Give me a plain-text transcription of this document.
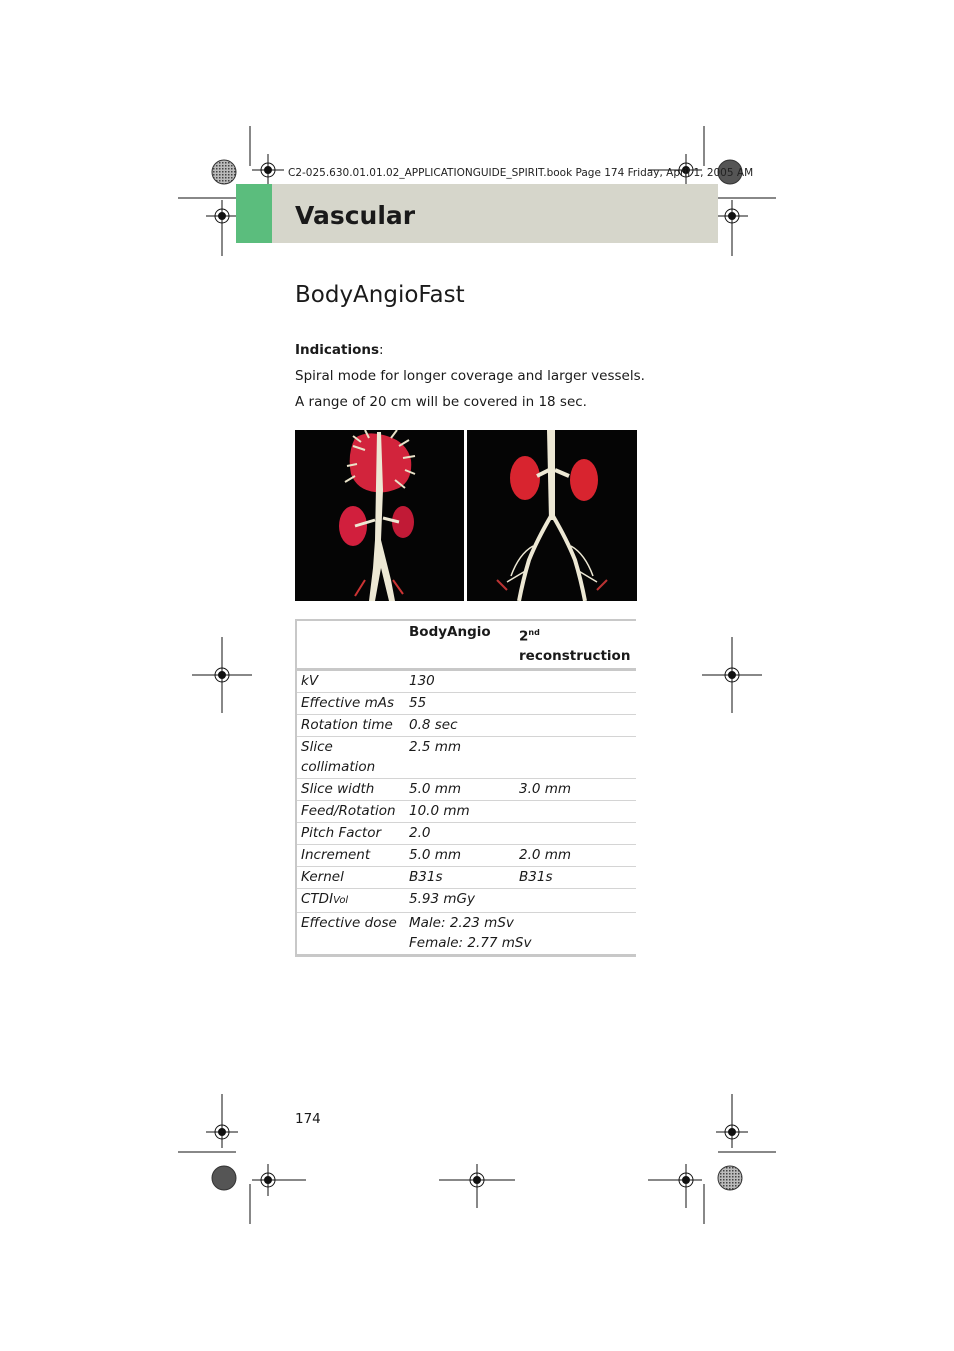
C2-025.630.01.01.02_APPLICATIONGUIDE_SPIRIT.book Page 174 Friday, April 1, 2005 AM
Vascular
BodyAngioFast
Indications:
Spiral mode for longer coverage and larger vessels.
A range of 20 cm will be covered in 18 sec.
	BodyAngio	2nd
reconstruction
kV	130	
Effective mAs	55	
Rotation time	0.8 sec	
Slice collimation	2.5 mm	
Slice width	5.0 mm	3.0 mm
Feed/Rotation	10.0 mm	
Pitch Factor	2.0	
Increment	5.0 mm	2.0 mm
Kernel	B31s	B31s
CTDIVol	5.93 mGy	
Effective dose	Male: 2.23 mSv
Female: 2.77 mSv	
174
